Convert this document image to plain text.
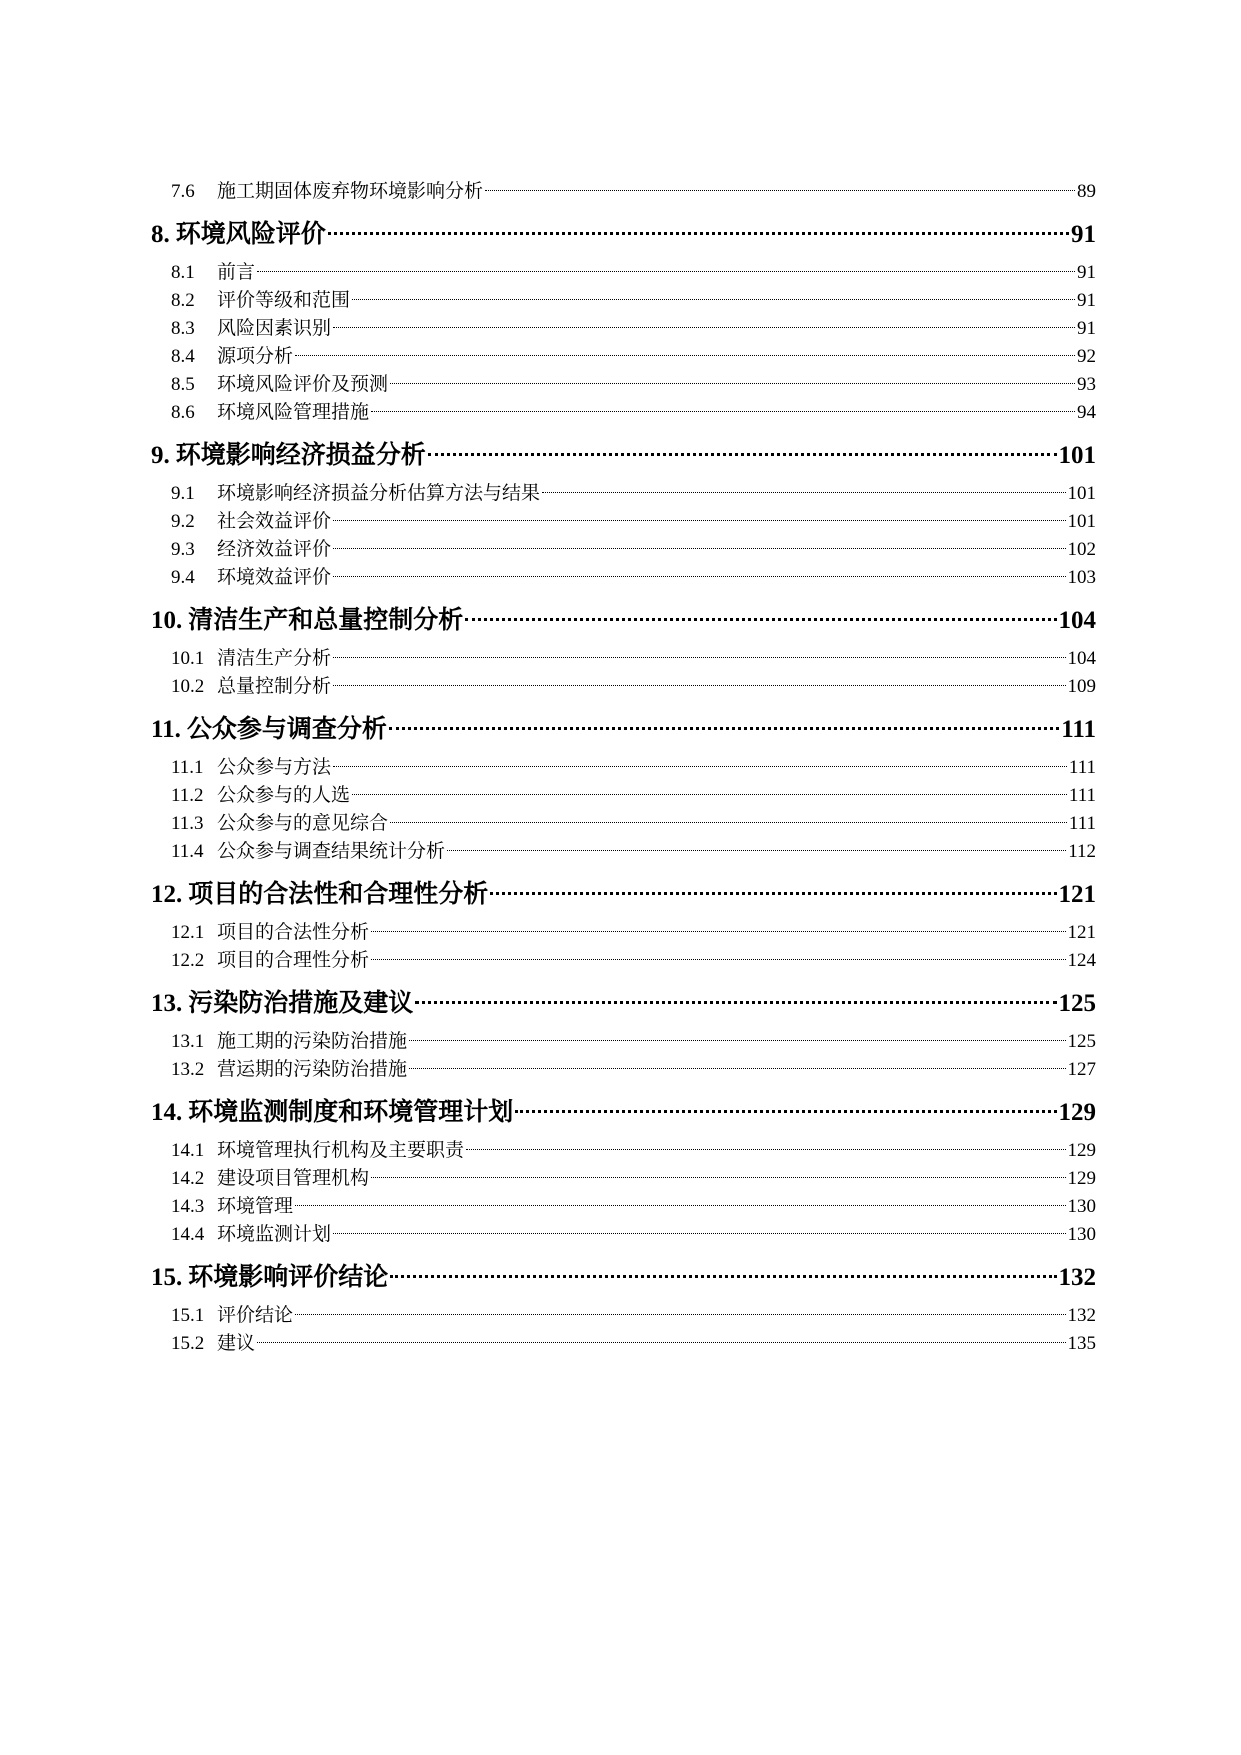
7.6	施工期固体废弃物环境影响分析	89
8. 环境风险评价	91
8.1	前言	91
8.2	评价等级和范围	91
8.3	风险因素识别	91
8.4	源项分析	92
8.5	环境风险评价及预测	93
8.6	环境风险管理措施	94
9. 环境影响经济损益分析	101
9.1	环境影响经济损益分析估算方法与结果	101
9.2	社会效益评价	101
9.3	经济效益评价	102
9.4	环境效益评价	103
10. 清洁生产和总量控制分析	104
10.1 清洁生产分析	104
10.2 总量控制分析	109
11. 公众参与调查分析	111
11.1 公众参与方法	111
11.2 公众参与的人选	111
11.3 公众参与的意见综合	111
11.4 公众参与调查结果统计分析	112
12. 项目的合法性和合理性分析	121
12.1 项目的合法性分析	121
12.2 项目的合理性分析	124
13. 污染防治措施及建议	125
13.1 施工期的污染防治措施	125
13.2 营运期的污染防治措施	127
14. 环境监测制度和环境管理计划	129
14.1 环境管理执行机构及主要职责	129
14.2 建设项目管理机构	129
14.3 环境管理	130
14.4 环境监测计划	130
15. 环境影响评价结论	132
15.1 评价结论	132
15.2 建议	135
